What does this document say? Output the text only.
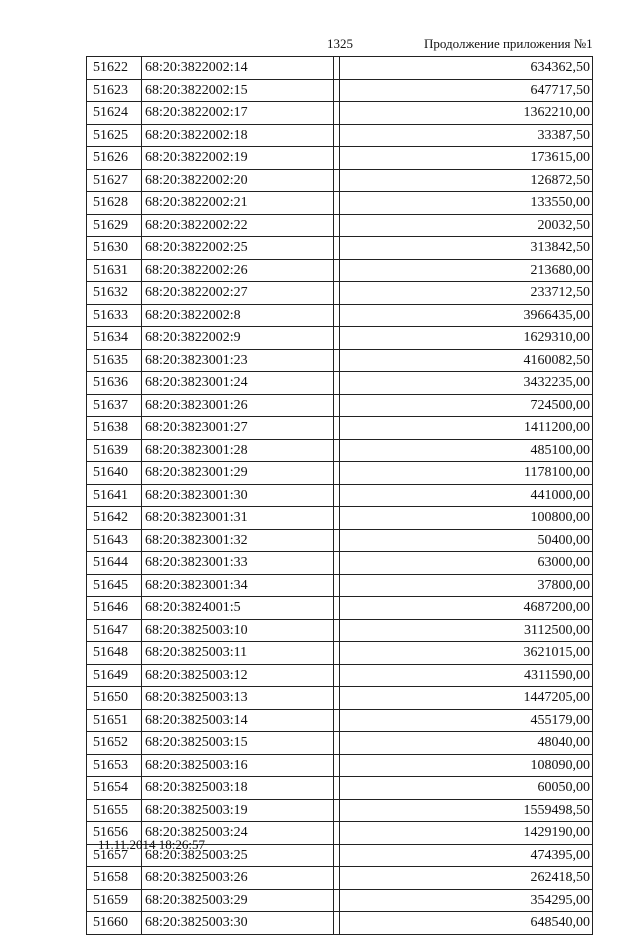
1325	Продолжение приложения №1
51622	68:20:3822002:14	634362,50
51623	68:20:3822002:15	647717,50
51624	68:20:3822002:17	1362210,00
51625	68:20:3822002:18	33387,50
51626	68:20:3822002:19	173615,00
51627	68:20:3822002:20	126872,50
51628	68:20:3822002:21	133550,00
51629	68:20:3822002:22	20032,50
51630	68:20:3822002:25	313842,50
51631	68:20:3822002:26	213680,00
51632	68:20:3822002:27	233712,50
51633	68:20:3822002:8	3966435,00
51634	68:20:3822002:9	1629310,00
51635	68:20:3823001:23	4160082,50
51636	68:20:3823001:24	3432235,00
51637	68:20:3823001:26	724500,00
51638	68:20:3823001:27	1411200,00
51639	68:20:3823001:28	485100,00
51640	68:20:3823001:29	1178100,00
51641	68:20:3823001:30	441000,00
51642	68:20:3823001:31	100800,00
51643	68:20:3823001:32	50400,00
51644	68:20:3823001:33	63000,00
51645	68:20:3823001:34	37800,00
51646	68:20:3824001:5	4687200,00
51647	68:20:3825003:10	3112500,00
51648	68:20:3825003:11	3621015,00
51649	68:20:3825003:12	4311590,00
51650	68:20:3825003:13	1447205,00
51651	68:20:3825003:14	455179,00
51652	68:20:3825003:15	48040,00
51653	68:20:3825003:16	108090,00
51654	68:20:3825003:18	60050,00
51655	68:20:3825003:19	1559498,50
51656	68:20:3825003:24	1429190,00
51657	68:20:3825003:25	474395,00
51658	68:20:3825003:26	262418,50
51659	68:20:3825003:29	354295,00
51660	68:20:3825003:30	648540,00
11.11.2014 18:26:57
